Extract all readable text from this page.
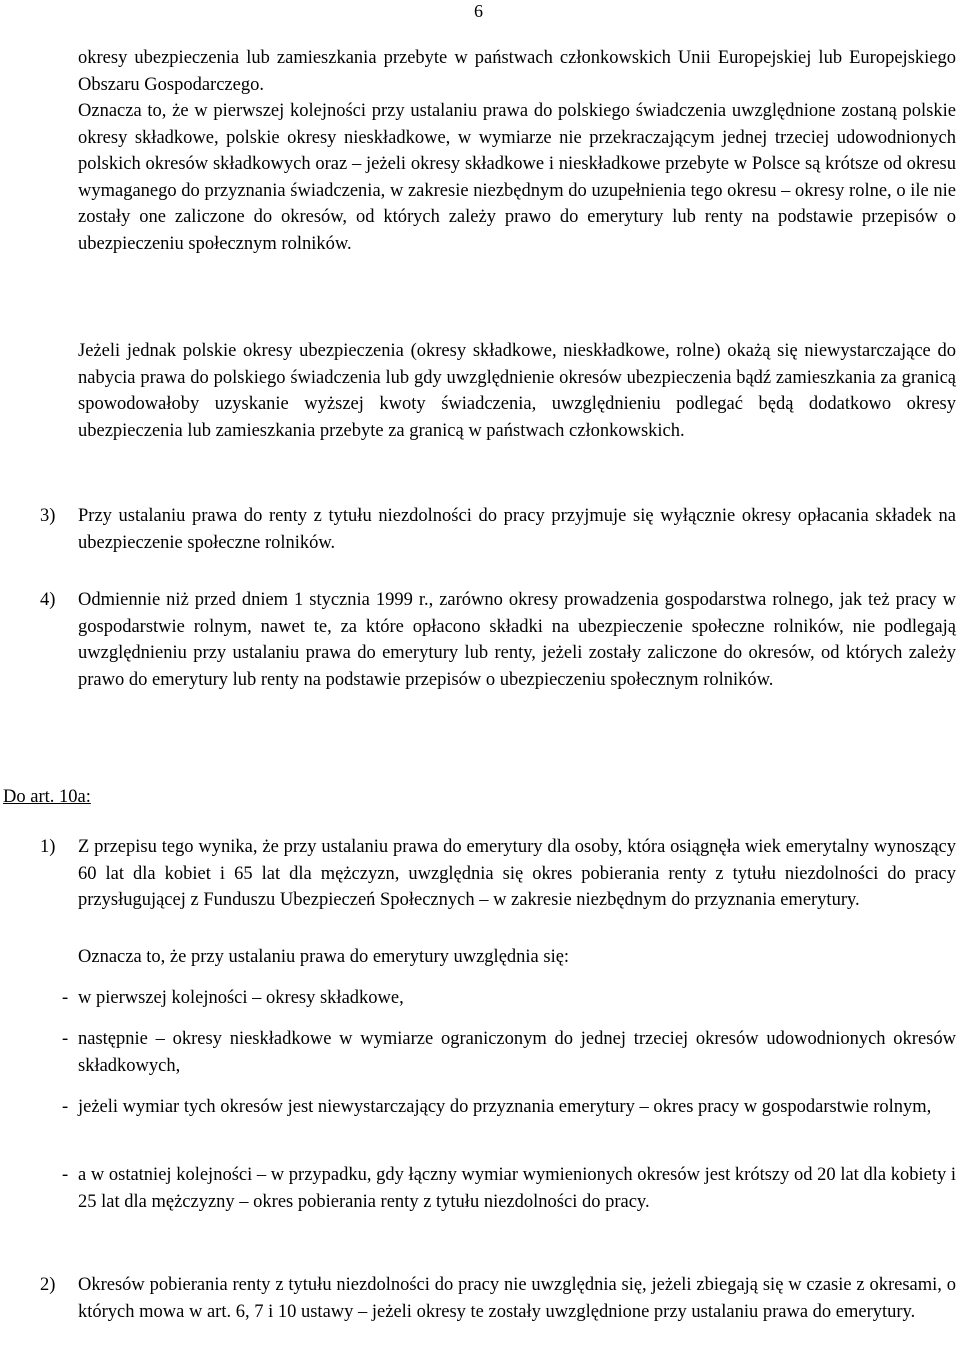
6

okresy ubezpieczenia lub zamieszkania przebyte w państwach członkowskich Unii Europejskiej lub Europejskiego Obszaru Gospodarczego.

Oznacza to, że w pierwszej kolejności przy ustalaniu prawa do polskiego świadczenia uwzględnione zostaną polskie okresy składkowe, polskie okresy nieskładkowe, w wymiarze nie przekraczającym jednej trzeciej udowodnionych polskich okresów składkowych oraz – jeżeli okresy składkowe i nieskładkowe przebyte w Polsce są krótsze od okresu wymaganego do przyznania świadczenia, w zakresie niezbędnym do uzupełnienia tego okresu – okresy rolne, o ile nie zostały one zaliczone do okresów, od których zależy prawo do emerytury lub renty na podstawie przepisów o ubezpieczeniu społecznym rolników.

Jeżeli jednak polskie okresy ubezpieczenia (okresy składkowe, nieskładkowe, rolne) okażą się niewystarczające do nabycia prawa do polskiego świadczenia lub gdy uwzględnienie okresów ubezpieczenia bądź zamieszkania za granicą spowodowałoby uzyskanie wyższej kwoty świadczenia, uwzględnieniu podlegać będą dodatkowo okresy ubezpieczenia lub zamieszkania przebyte za granicą w państwach członkowskich.

3)	Przy ustalaniu prawa do renty z tytułu niezdolności do pracy przyjmuje się wyłącznie okresy opłacania składek na ubezpieczenie społeczne rolników.
4)	Odmiennie niż przed dniem 1 stycznia 1999 r., zarówno okresy prowadzenia gospodarstwa rolnego, jak też pracy w gospodarstwie rolnym, nawet te, za które opłacono składki na ubezpieczenie społeczne rolników, nie podlegają uwzględnieniu przy ustalaniu prawa do emerytury lub renty, jeżeli zostały zaliczone do okresów, od których zależy prawo do emerytury lub renty na podstawie przepisów o ubezpieczeniu społecznym rolników.

Do art. 10a:

1)	Z przepisu tego wynika, że przy ustalaniu prawa do emerytury dla osoby, która osiągnęła wiek emerytalny wynoszący 60 lat dla kobiet i 65 lat dla mężczyzn, uwzględnia się okres pobierania renty z tytułu niezdolności do pracy przysługującej z Funduszu Ubezpieczeń Społecznych – w zakresie niezbędnym do przyznania emerytury.

Oznacza to, że przy ustalaniu prawa do emerytury uwzględnia się:

- w pierwszej kolejności – okresy składkowe,
- następnie – okresy nieskładkowe w wymiarze ograniczonym do jednej trzeciej okresów udowodnionych okresów składkowych,
- jeżeli wymiar tych okresów jest niewystarczający do przyznania emerytury – okres pracy w gospodarstwie rolnym,
- a w ostatniej kolejności – w przypadku, gdy łączny wymiar wymienionych okresów jest krótszy od 20 lat dla kobiety i 25 lat dla mężczyzny – okres pobierania renty z tytułu niezdolności do pracy.
2)	Okresów pobierania renty z tytułu niezdolności do pracy nie uwzględnia się, jeżeli zbiegają się w czasie z okresami, o których mowa w art. 6, 7 i 10 ustawy – jeżeli okresy te zostały uwzględnione przy ustalaniu prawa do emerytury.
